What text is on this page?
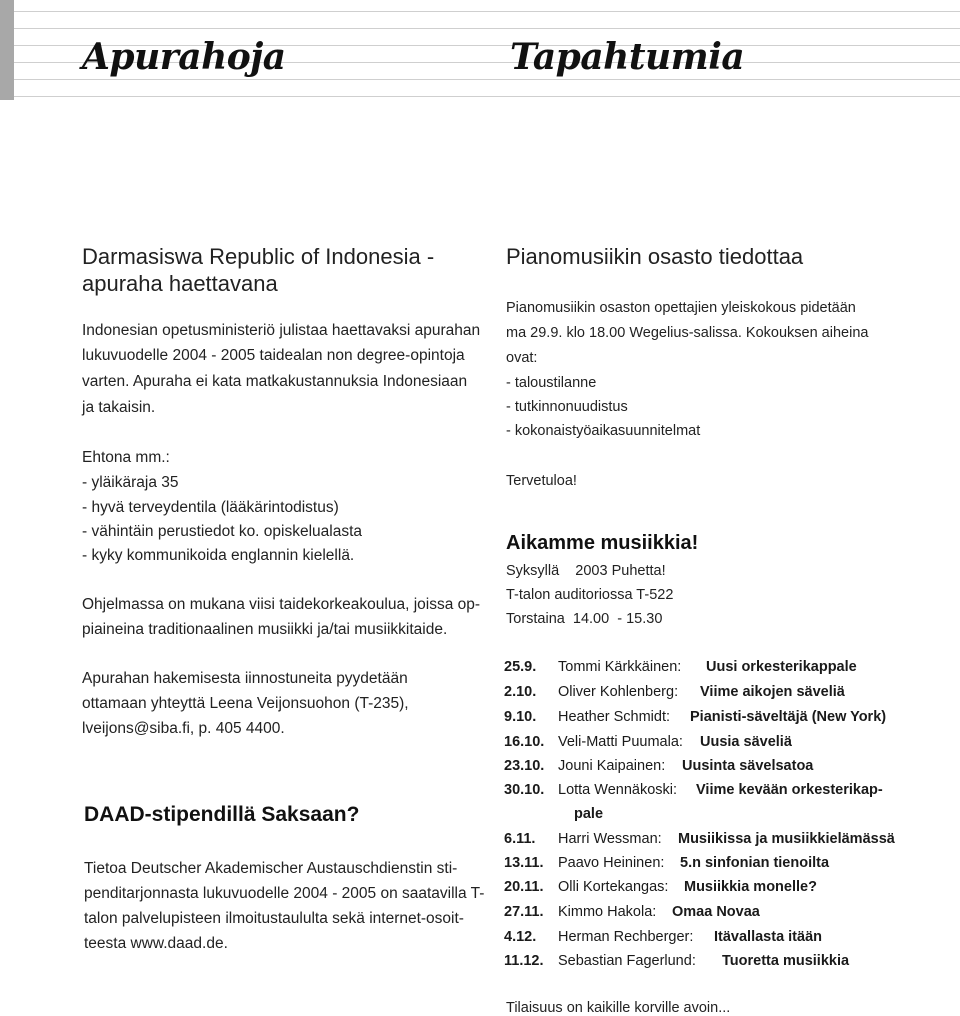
Apurahoja	Tapahtumia

Darmasiswa Republic of Indonesia -

apuraha haettavana

Indonesian opetusministeriö julistaa haettavaksi apurahan

lukuvuodelle 2004 - 2005 taidealan non degree-opintoja

varten. Apuraha ei kata matkakustannuksia Indonesiaan

ja takaisin.

Ehtona mm.:

- yläikäraja 35

- hyvä terveydentila (lääkärintodistus)

- vähintäin perustiedot ko. opiskelualasta

- kyky kommunikoida englannin kielellä.

Ohjelmassa on mukana viisi taidekorkeakoulua, joissa op-

piaineina traditionaalinen musiikki ja/tai musiikkitaide.

Apurahan hakemisesta iinnostuneita pyydetään

ottamaan yhteyttä Leena Veijonsuohon (T-235),

lveijons@siba.fi, p. 405 4400.

DAAD-stipendillä Saksaan?

Tietoa Deutscher Akademischer Austauschdienstin sti-

penditarjonnasta lukuvuodelle 2004 - 2005 on saatavilla T-

talon palvelupisteen ilmoitustaululta sekä internet-osoit-

teesta www.daad.de.

Pianomusiikin osasto tiedottaa

Pianomusiikin osaston opettajien yleiskokous pidetään

ma 29.9. klo 18.00 Wegelius-salissa. Kokouksen aiheina

ovat:

- taloustilanne

- tutkinnonuudistus

- kokonaistyöaikasuunnitelmat

Tervetuloa!

Aikamme musiikkia!

Syksyllä    2003 Puhetta!

T-talon auditoriossa T-522

Torstaina  14.00  - 15.30

25.9. Tommi Kärkkäinen: Uusi orkesterikappale
2.10. Oliver Kohlenberg: Viime aikojen säveliä
9.10. Heather Schmidt: Pianisti-säveltäjä (New York)
16.10. Veli-Matti Puumala: Uusia säveliä
23.10. Jouni Kaipainen: Uusinta sävelsatoa
30.10. Lotta Wennäkoski: Viime kevään orkesterikap-
pale
6.11. Harri Wessman: Musiikissa ja musiikkielämässä
13.11. Paavo Heininen: 5.n sinfonian tienoilta
20.11. Olli Kortekangas: Musiikkia monelle?
27.11. Kimmo Hakola: Omaa Novaa
4.12. Herman Rechberger: Itävallasta itään
11.12. Sebastian Fagerlund: Tuoretta musiikkia

Tilaisuus on kaikille korville avoin...
